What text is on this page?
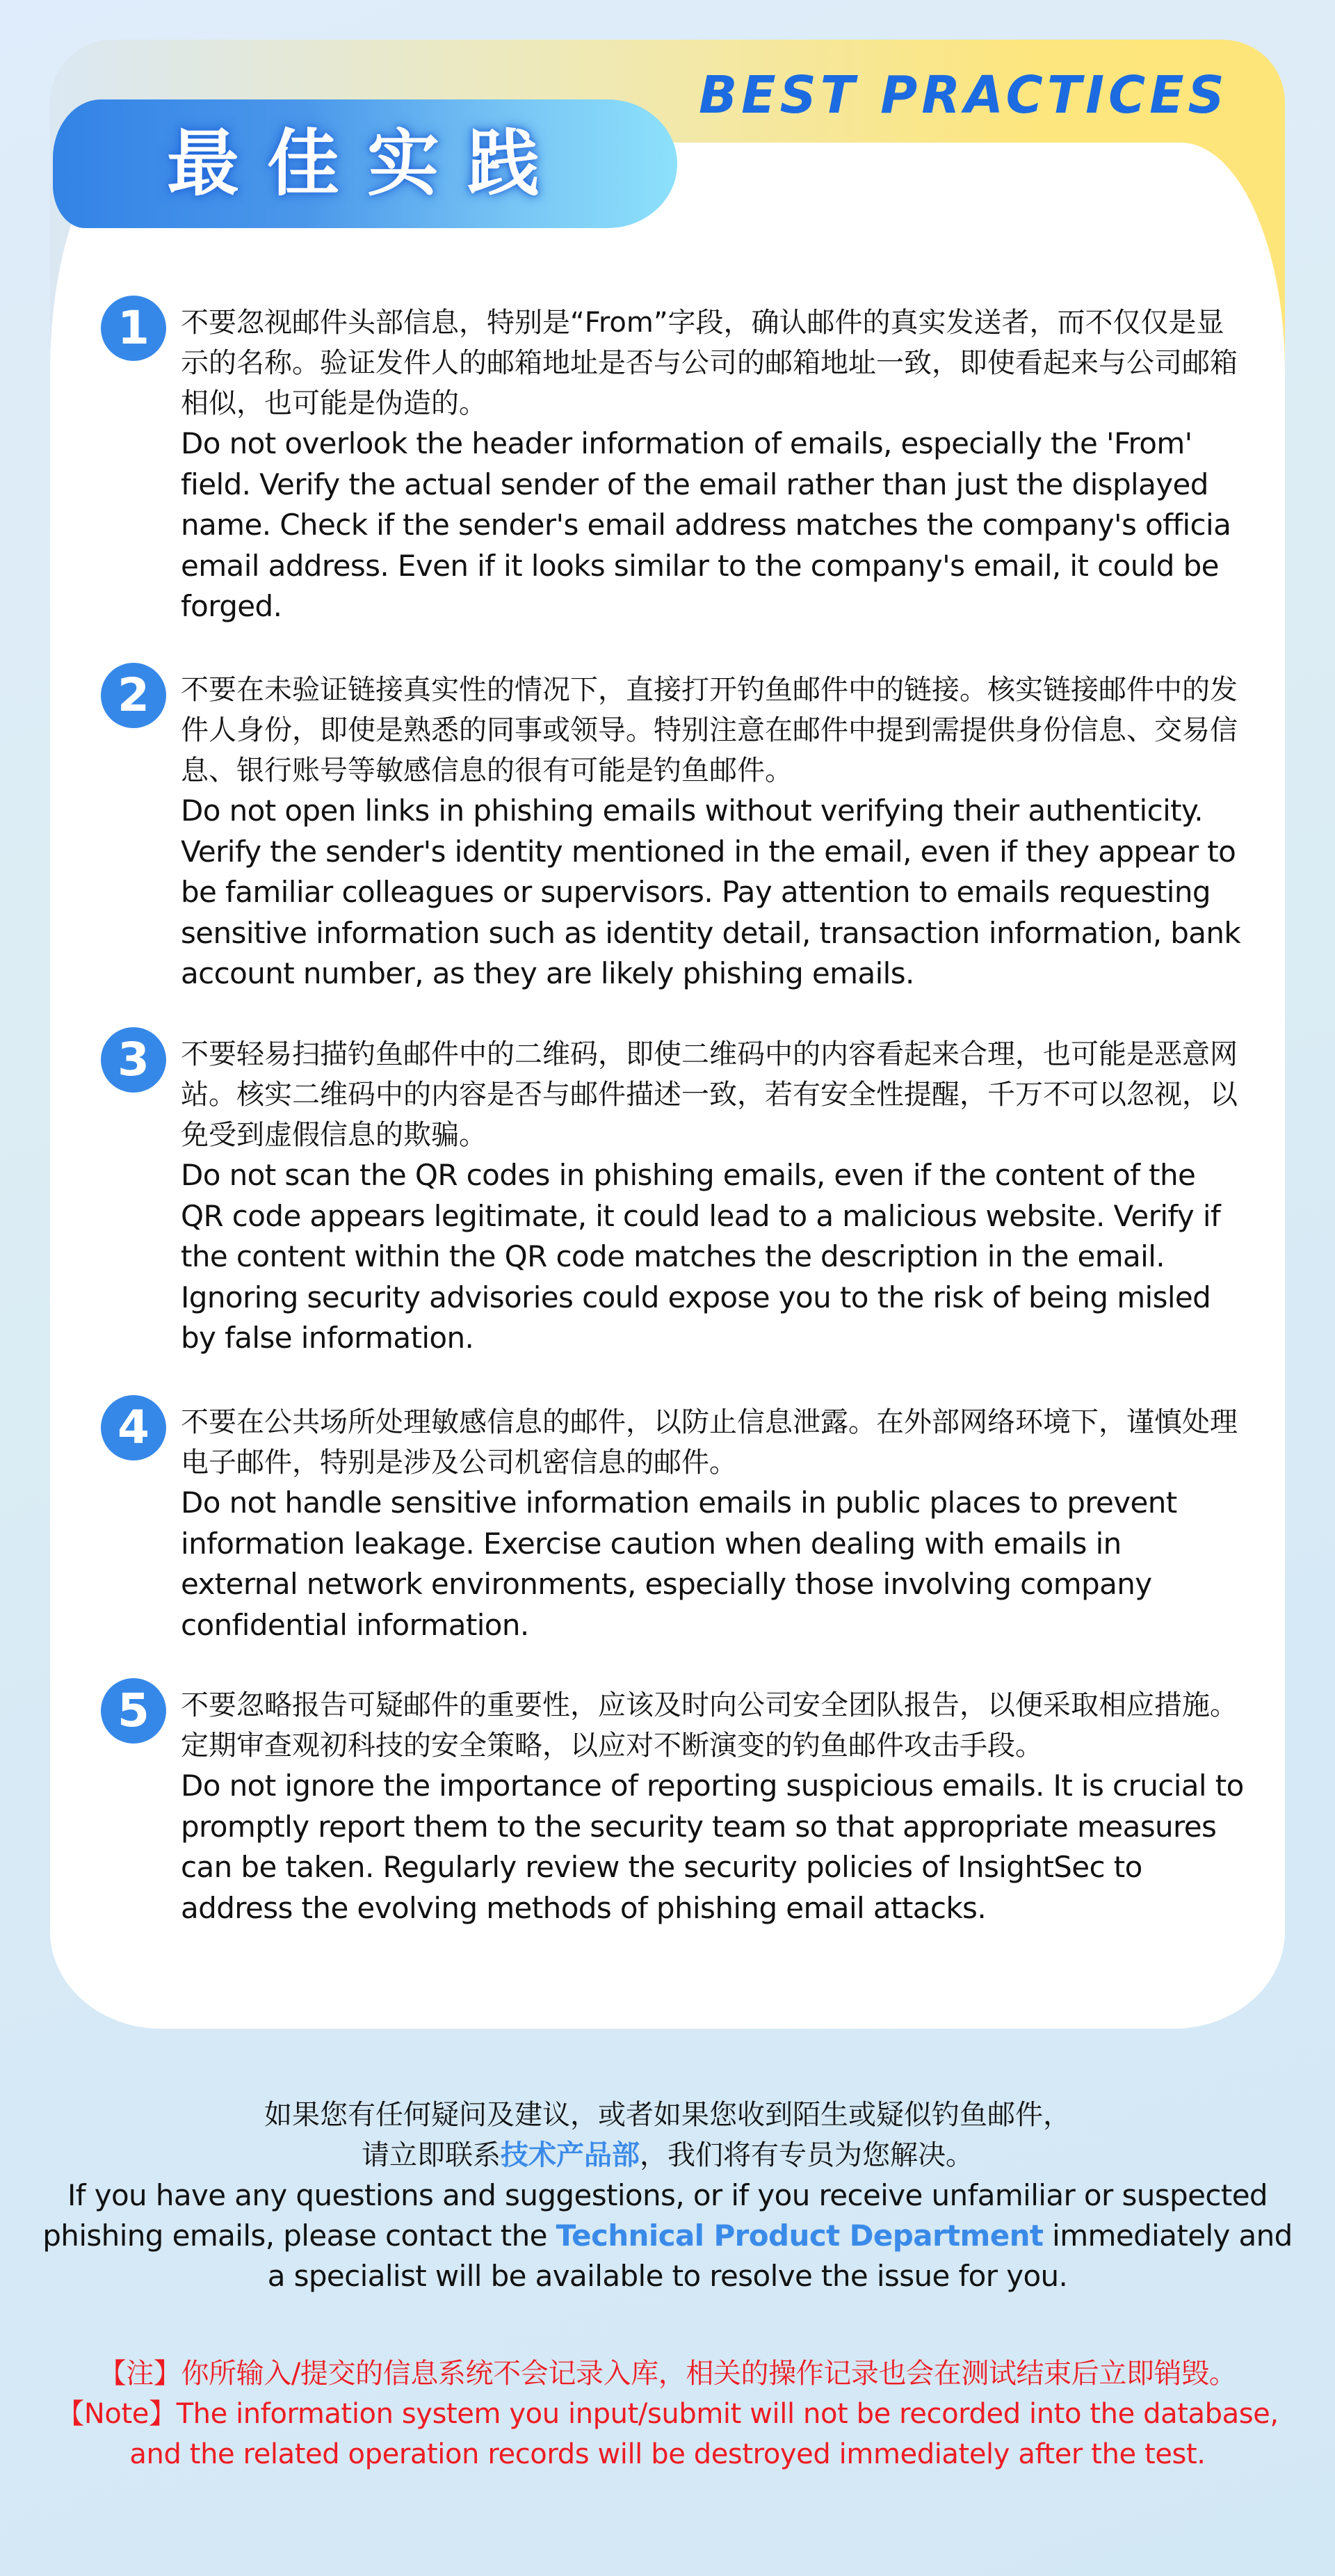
BEST PRACTICES
最佳实践
1	不要忽视邮件头部信息，特别是“From”字段，确认邮件的真实发送者，而不仅仅是显示的名称。验证发件人的邮箱地址是否与公司的邮箱地址一致，即使看起来与公司邮箱相似，也可能是伪造的。

Do not overlook the header information of emails, especially the 'From' field. Verify the actual sender of the email rather than just the displayed name. Check if the sender's email address matches the company's officia email address. Even if it looks similar to the company's email, it could be forged.

2	不要在未验证链接真实性的情况下，直接打开钓鱼邮件中的链接。核实链接邮件中的发件人身份，即使是熟悉的同事或领导。特别注意在邮件中提到需提供身份信息、交易信息、银行账号等敏感信息的很有可能是钓鱼邮件。

Do not open links in phishing emails without verifying their authenticity. Verify the sender's identity mentioned in the email, even if they appear to be familiar colleagues or supervisors. Pay attention to emails requesting sensitive information such as identity detail, transaction information, bank account number, as they are likely phishing emails.

3	不要轻易扫描钓鱼邮件中的二维码，即使二维码中的内容看起来合理，也可能是恶意网站。核实二维码中的内容是否与邮件描述一致，若有安全性提醒，千万不可以忽视，以免受到虚假信息的欺骗。

Do not scan the QR codes in phishing emails, even if the content of the QR code appears legitimate, it could lead to a malicious website. Verify if the content within the QR code matches the description in the email. Ignoring security advisories could expose you to the risk of being misled by false information.

4	不要在公共场所处理敏感信息的邮件，以防止信息泄露。在外部网络环境下，谨慎处理电子邮件，特别是涉及公司机密信息的邮件。

Do not handle sensitive information emails in public places to prevent information leakage. Exercise caution when dealing with emails in external network environments, especially those involving company confidential information.

5	不要忽略报告可疑邮件的重要性，应该及时向公司安全团队报告，以便采取相应措施。定期审查观初科技的安全策略，以应对不断演变的钓鱼邮件攻击手段。

Do not ignore the importance of reporting suspicious emails. It is crucial to promptly report them to the security team so that appropriate measures can be taken. Regularly review the security policies of InsightSec to address the evolving methods of phishing email attacks.

如果您有任何疑问及建议，或者如果您收到陌生或疑似钓鱼邮件，

请立即联系技术产品部，我们将有专员为您解决。

If you have any questions and suggestions, or if you receive unfamiliar or suspected phishing emails, please contact the Technical Product Department immediately and a specialist will be available to resolve the issue for you.

【注】你所输入/提交的信息系统不会记录入库，相关的操作记录也会在测试结束后立即销毁。

【Note】The information system you input/submit will not be recorded into the database,

and the related operation records will be destroyed immediately after the test.
